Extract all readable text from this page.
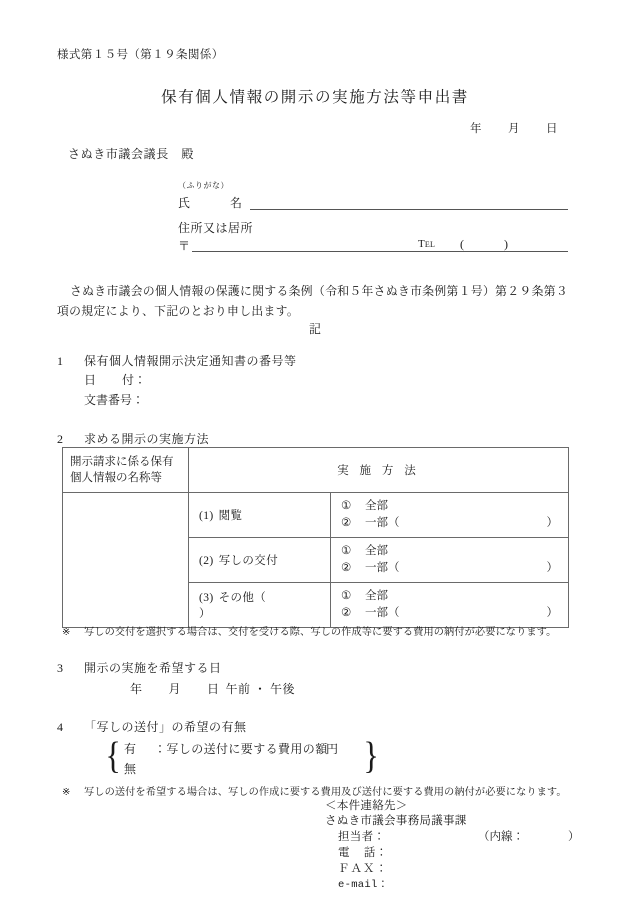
様式第１５号（第１９条関係）
保有個人情報の開示の実施方法等申出書
年 月 日
さぬき市議会議長　殿
（ふりがな）
氏	名
住所又は居所
〒	Tel (	)
さぬき市議会の個人情報の保護に関する条例（令和５年さぬき市条例第１号）第２９条第３項の規定により、下記のとおり申し出ます。
記
1 保有個人情報開示決定通知書の番号等
日 付：
文書番号：
2 求める開示の実施方法
開示請求に係る保有
個人情報の名称等	実 施 方 法	
	(1) 閲覧	① 全部
② 一部（ ）

	(2) 写しの交付	① 全部
② 一部（ ）

	(3) その他（）	① 全部
② 一部（ ）
※ 写しの交付を選択する場合は、交付を受ける際、写しの作成等に要する費用の納付が必要になります。
3 開示の実施を希望する日
年 月 日 午前 ・ 午後
4 「写しの送付」の希望の有無
{	}
有 ：写しの送付に要する費用の額
円
無
※ 写しの送付を希望する場合は、写しの作成に要する費用及び送付に要する費用の納付が必要になります。
＜本件連絡先＞
さぬき市議会事務局議事課
担当者：	（内線：	）
電 話：
ＦＡＸ：
e-mail：
